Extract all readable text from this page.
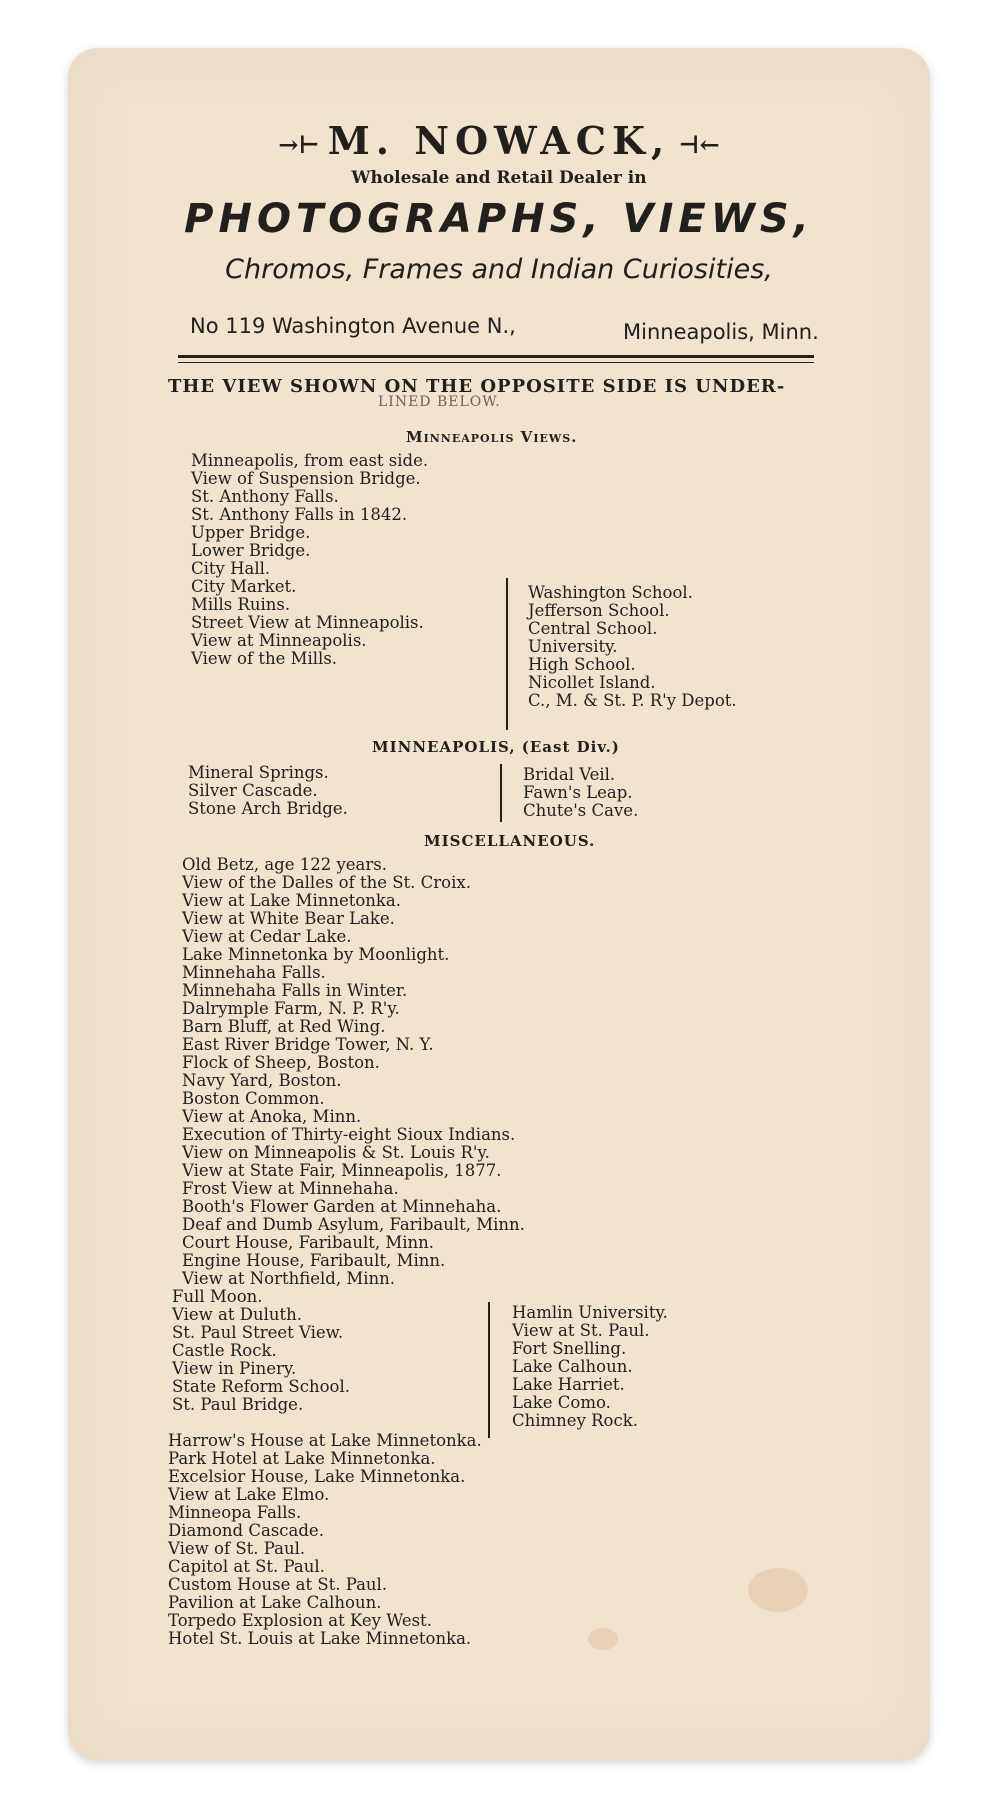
→⊢ M. NOWACK, ⊣←
Wholesale and Retail Dealer in
PHOTOGRAPHS, VIEWS,
Chromos, Frames and Indian Curiosities,
No 119 Washington Avenue N.,	Minneapolis, Minn.
THE VIEW SHOWN ON THE OPPOSITE SIDE IS UNDER-
LINED BELOW.
Minneapolis Views.
Minneapolis, from east side.
View of Suspension Bridge.
St. Anthony Falls.
St. Anthony Falls in 1842.
Upper Bridge.
Lower Bridge.
City Hall.
City Market.
Mills Ruins.
Street View at Minneapolis.
View at Minneapolis.
View of the Mills.
Washington School.
Jefferson School.
Central School.
University.
High School.
Nicollet Island.
C., M. & St. P. R'y Depot.
MINNEAPOLIS, (East Div.)
Mineral Springs.
Silver Cascade.
Stone Arch Bridge.
Bridal Veil.
Fawn's Leap.
Chute's Cave.
MISCELLANEOUS.
Old Betz, age 122 years.
View of the Dalles of the St. Croix.
View at Lake Minnetonka.
View at White Bear Lake.
View at Cedar Lake.
Lake Minnetonka by Moonlight.
Minnehaha Falls.
Minnehaha Falls in Winter.
Dalrymple Farm, N. P. R'y.
Barn Bluff, at Red Wing.
East River Bridge Tower, N. Y.
Flock of Sheep, Boston.
Navy Yard, Boston.
Boston Common.
View at Anoka, Minn.
Execution of Thirty-eight Sioux Indians.
View on Minneapolis & St. Louis R'y.
View at State Fair, Minneapolis, 1877.
Frost View at Minnehaha.
Booth's Flower Garden at Minnehaha.
Deaf and Dumb Asylum, Faribault, Minn.
Court House, Faribault, Minn.
Engine House, Faribault, Minn.
View at Northfield, Minn.
Full Moon.
View at Duluth.
St. Paul Street View.
Castle Rock.
View in Pinery.
State Reform School.
St. Paul Bridge.
Hamlin University.
View at St. Paul.
Fort Snelling.
Lake Calhoun.
Lake Harriet.
Lake Como.
Chimney Rock.
Harrow's House at Lake Minnetonka.
Park Hotel at Lake Minnetonka.
Excelsior House, Lake Minnetonka.
View at Lake Elmo.
Minneopa Falls.
Diamond Cascade.
View of St. Paul.
Capitol at St. Paul.
Custom House at St. Paul.
Pavilion at Lake Calhoun.
Torpedo Explosion at Key West.
Hotel St. Louis at Lake Minnetonka.
